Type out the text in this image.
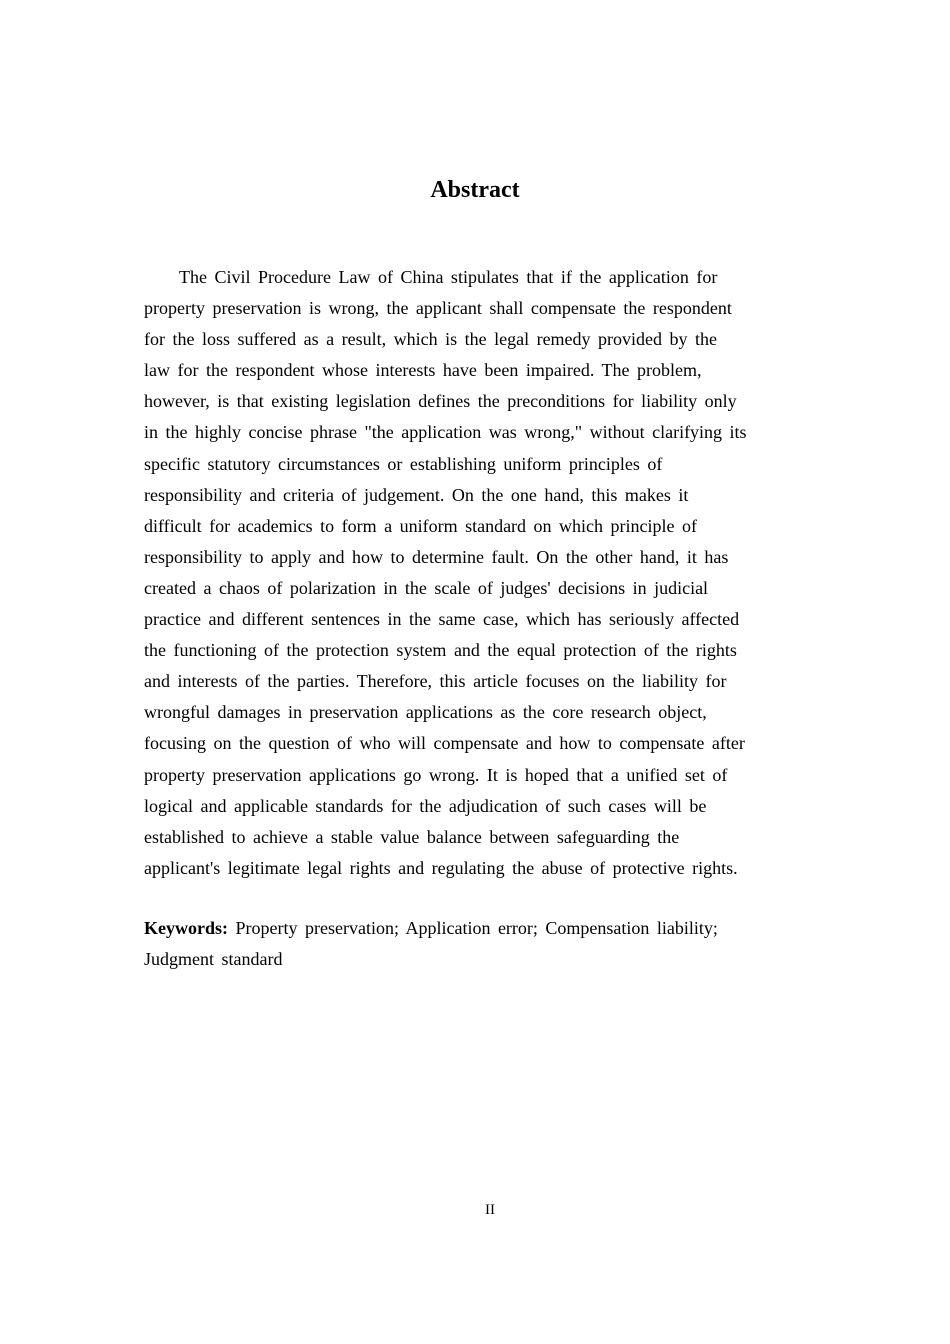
Abstract
The Civil Procedure Law of China stipulates that if the application for
property preservation is wrong, the applicant shall compensate the respondent
for the loss suffered as a result, which is the legal remedy provided by the
law for the respondent whose interests have been impaired. The problem,
however, is that existing legislation defines the preconditions for liability only
in the highly concise phrase "the application was wrong," without clarifying its
specific statutory circumstances or establishing uniform principles of
responsibility and criteria of judgement. On the one hand, this makes it
difficult for academics to form a uniform standard on which principle of
responsibility to apply and how to determine fault. On the other hand, it has
created a chaos of polarization in the scale of judges' decisions in judicial
practice and different sentences in the same case, which has seriously affected
the functioning of the protection system and the equal protection of the rights
and interests of the parties. Therefore, this article focuses on the liability for
wrongful damages in preservation applications as the core research object,
focusing on the question of who will compensate and how to compensate after
property preservation applications go wrong. It is hoped that a unified set of
logical and applicable standards for the adjudication of such cases will be
established to achieve a stable value balance between safeguarding the
applicant's legitimate legal rights and regulating the abuse of protective rights.
Keywords: Property preservation; Application error; Compensation liability;
Judgment standard
II
